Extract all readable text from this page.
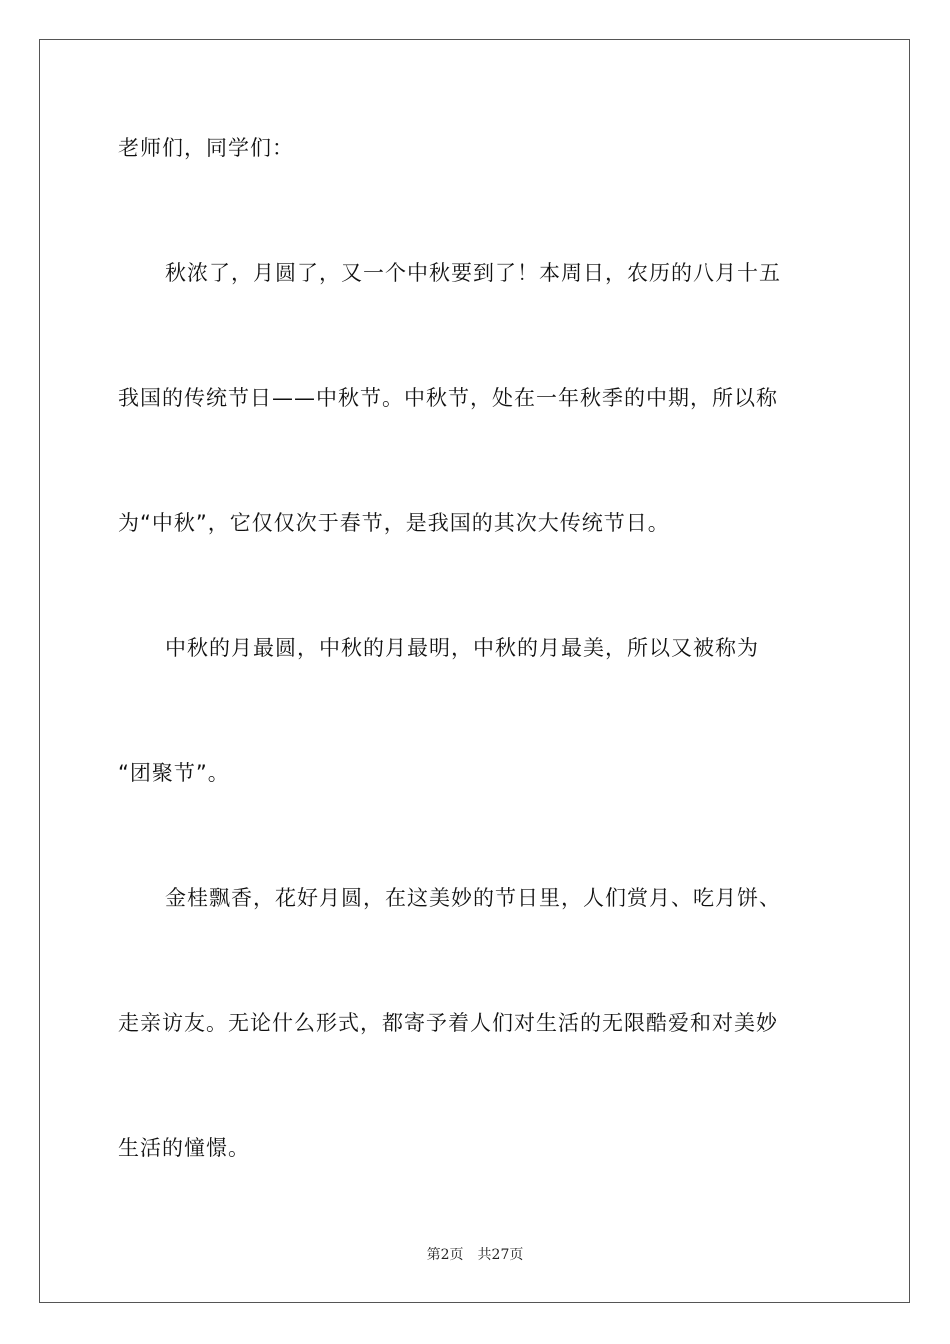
老师们，同学们：
秋浓了，月圆了，又一个中秋要到了！本周日，农历的八月十五
我国的传统节日——中秋节。中秋节，处在一年秋季的中期，所以称
为“中秋”，它仅仅次于春节，是我国的其次大传统节日。
中秋的月最圆，中秋的月最明，中秋的月最美，所以又被称为
“团聚节”。
金桂飘香，花好月圆，在这美妙的节日里，人们赏月、吃月饼、
走亲访友。无论什么形式，都寄予着人们对生活的无限酷爱和对美妙
生活的憧憬。
第2页 共27页
